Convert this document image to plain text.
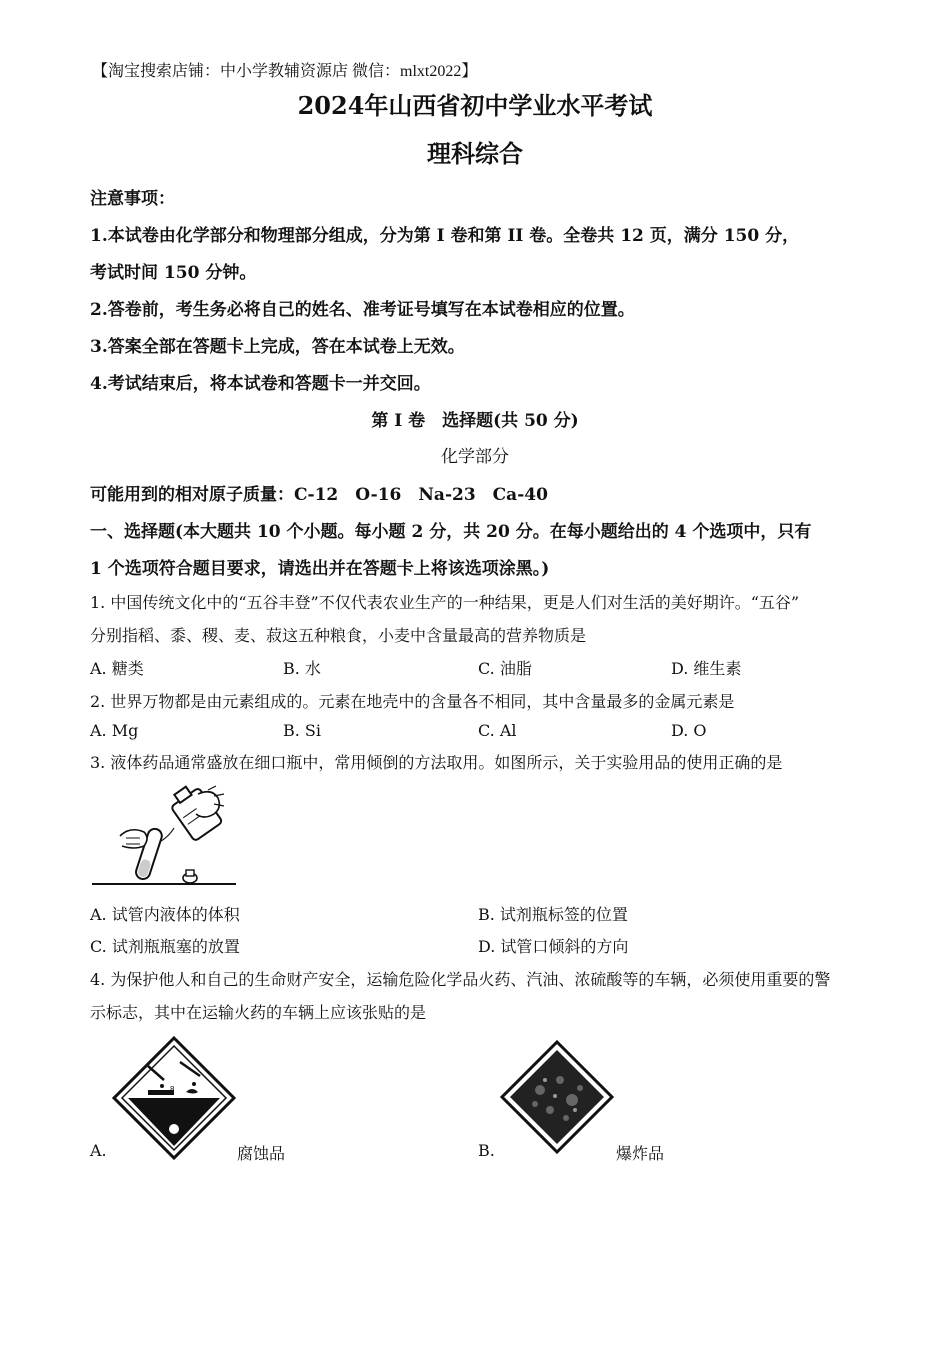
【淘宝搜索店铺：中小学教辅资源店 微信：mlxt2022】
2024年山西省初中学业水平考试
理科综合
注意事项：
1.本试卷由化学部分和物理部分组成，分为第 I 卷和第 II 卷。全卷共 12 页，满分 150 分，
考试时间 150 分钟。
2.答卷前，考生务必将自己的姓名、准考证号填写在本试卷相应的位置。
3.答案全部在答题卡上完成，答在本试卷上无效。
4.考试结束后，将本试卷和答题卡一并交回。
第 I 卷　选择题(共 50 分)
化学部分
可能用到的相对原子质量：C-12　O-16　Na-23　Ca-40
一、选择题(本大题共 10 个小题。每小题 2 分，共 20 分。在每小题给出的 4 个选项中，只有
1 个选项符合题目要求，请选出并在答题卡上将该选项涂黑。)
1. 中国传统文化中的“五谷丰登”不仅代表农业生产的一种结果，更是人们对生活的美好期许。“五谷”
分别指稻、黍、稷、麦、菽这五种粮食，小麦中含量最高的营养物质是
A. 糖类	B. 水	C. 油脂	D. 维生素
2. 世界万物都是由元素组成的。元素在地壳中的含量各不相同，其中含量最多的金属元素是
A. Mg	B. Si	C. Al	D. O
3. 液体药品通常盛放在细口瓶中，常用倾倒的方法取用。如图所示，关于实验用品的使用正确的是
A. 试管内液体的体积	B. 试剂瓶标签的位置
C. 试剂瓶瓶塞的放置	D. 试管口倾斜的方向
4. 为保护他人和自己的生命财产安全，运输危险化学品火药、汽油、浓硫酸等的车辆，必须使用重要的警
示标志，其中在运输火药的车辆上应该张贴的是
8
A.	腐蚀品	B.	爆炸品
